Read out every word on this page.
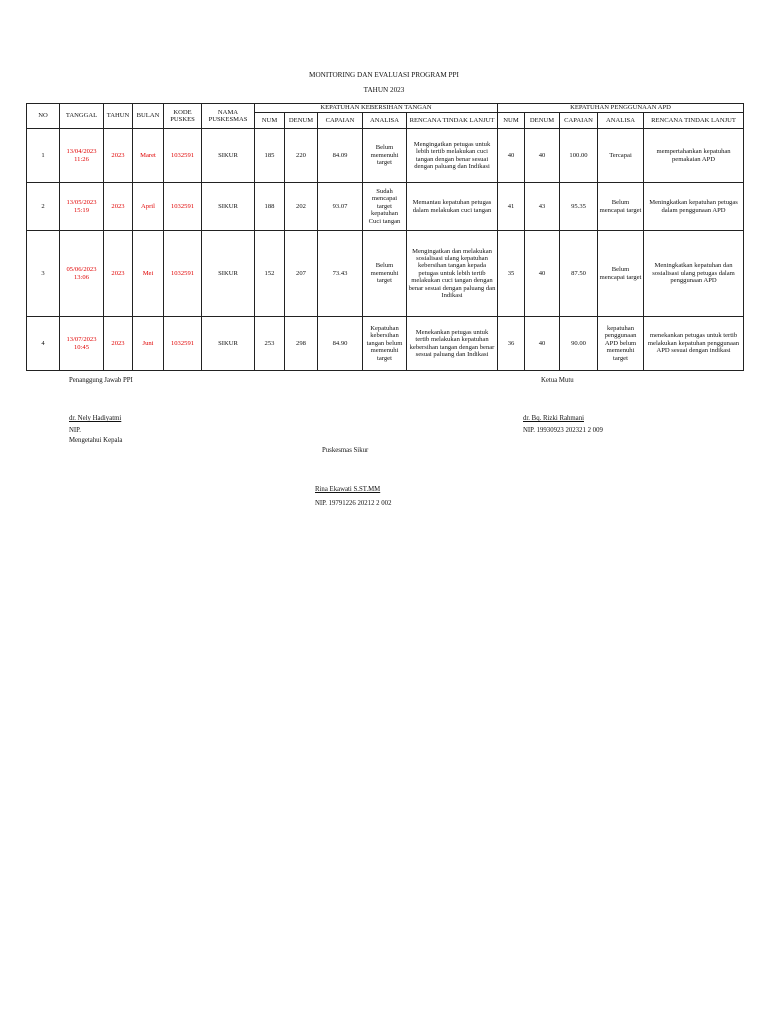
MONITORING DAN EVALUASI PROGRAM PPI
TAHUN 2023
NO	TANGGAL	TAHUN	BULAN	KODE PUSKES	NAMA PUSKESMAS	KEPATUHAN KEBERSIHAN TANGAN					KEPATUHAN PENGGUNAAN APD				
						NUM	DENUM	CAPAIAN	ANALISA	RENCANA TINDAK LANJUT	NUM	DENUM	CAPAIAN	ANALISA	RENCANA TINDAK LANJUT
1	13/04/2023 11:26	2023	Maret	1032591	SIKUR	185	220	84.09	Belum memenuhi target	Mengingatkan petugas untuk lebih tertib melakukan cuci tangan dengan benar sesuai dengan paluang dan Indikasi	40	40	100.00	Tercapai	mempertahankan kepatuhan pemakaian APD
2	13/05/2023 15:19	2023	April	1032591	SIKUR	188	202	93.07	Sudah mencapai target kepatuhan Cuci tangan	Memantau kepatuhan petugas dalam melakukan cuci tangan	41	43	95.35	Belum mencapai target	Meningkatkan kepatuhan petugas dalam penggunaan APD
3	05/06/2023 13:06	2023	Mei	1032591	SIKUR	152	207	73.43	Belum memenuhi target	Mengingatkan dan melakukan sosialisasi ulang kepatuhan kebersihan tangan kepada petugas untuk lebih tertib melakukan cuci tangan dengan benar sesuai dengan paluang dan Indikasi	35	40	87.50	Belum mencapai target	Meningkatkan kepatuhan dan sosialisasi ulang petugas dalam penggunaan APD
4	13/07/2023 10:45	2023	Juni	1032591	SIKUR	253	298	84.90	Kepatuhan kebersihan tangan belum memenuhi target	Menekankan petugas untuk tertib melakukan kepatuhan kebersihan tangan dengan benar sesuai paluang dan Indikasi	36	40	90.00	kepatuhan penggunaan APD belum memenuhi target	menekankan petugas untuk tertib melakukan kepatuhan penggunaan APD sesuai dengan indikasi
Penanggung Jawab PPI
dr. Nely Hadiyatmi
NIP.
Mengetahui Kepala
Ketua Mutu
dr. Bq. Rizki Rahmani
NIP. 19930923 202321 2 009
Puskesmas Sikur
Rina Ekawati S.ST.MM
NIP. 19791226 20212 2 002
